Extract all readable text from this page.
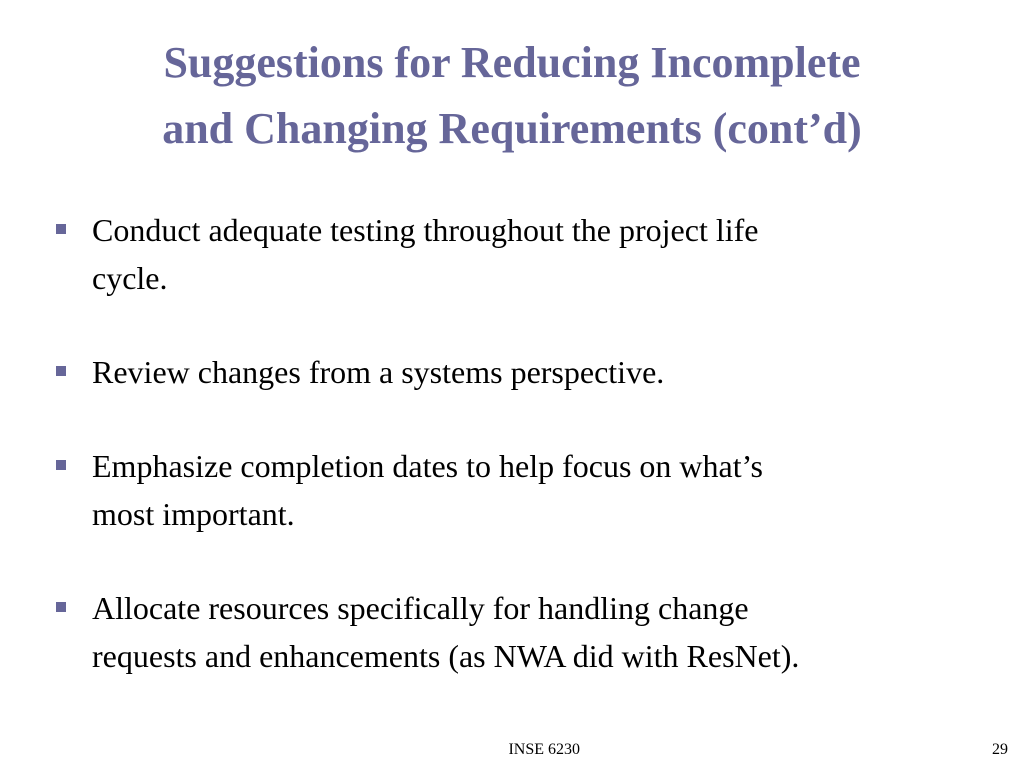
Suggestions for Reducing Incomplete
and Changing Requirements (cont’d)
Conduct adequate testing throughout the project life
cycle.
Review changes from a systems perspective.
Emphasize completion dates to help focus on what’s
most important.
Allocate resources specifically for handling change
requests and enhancements (as NWA did with ResNet).
INSE 6230	29
